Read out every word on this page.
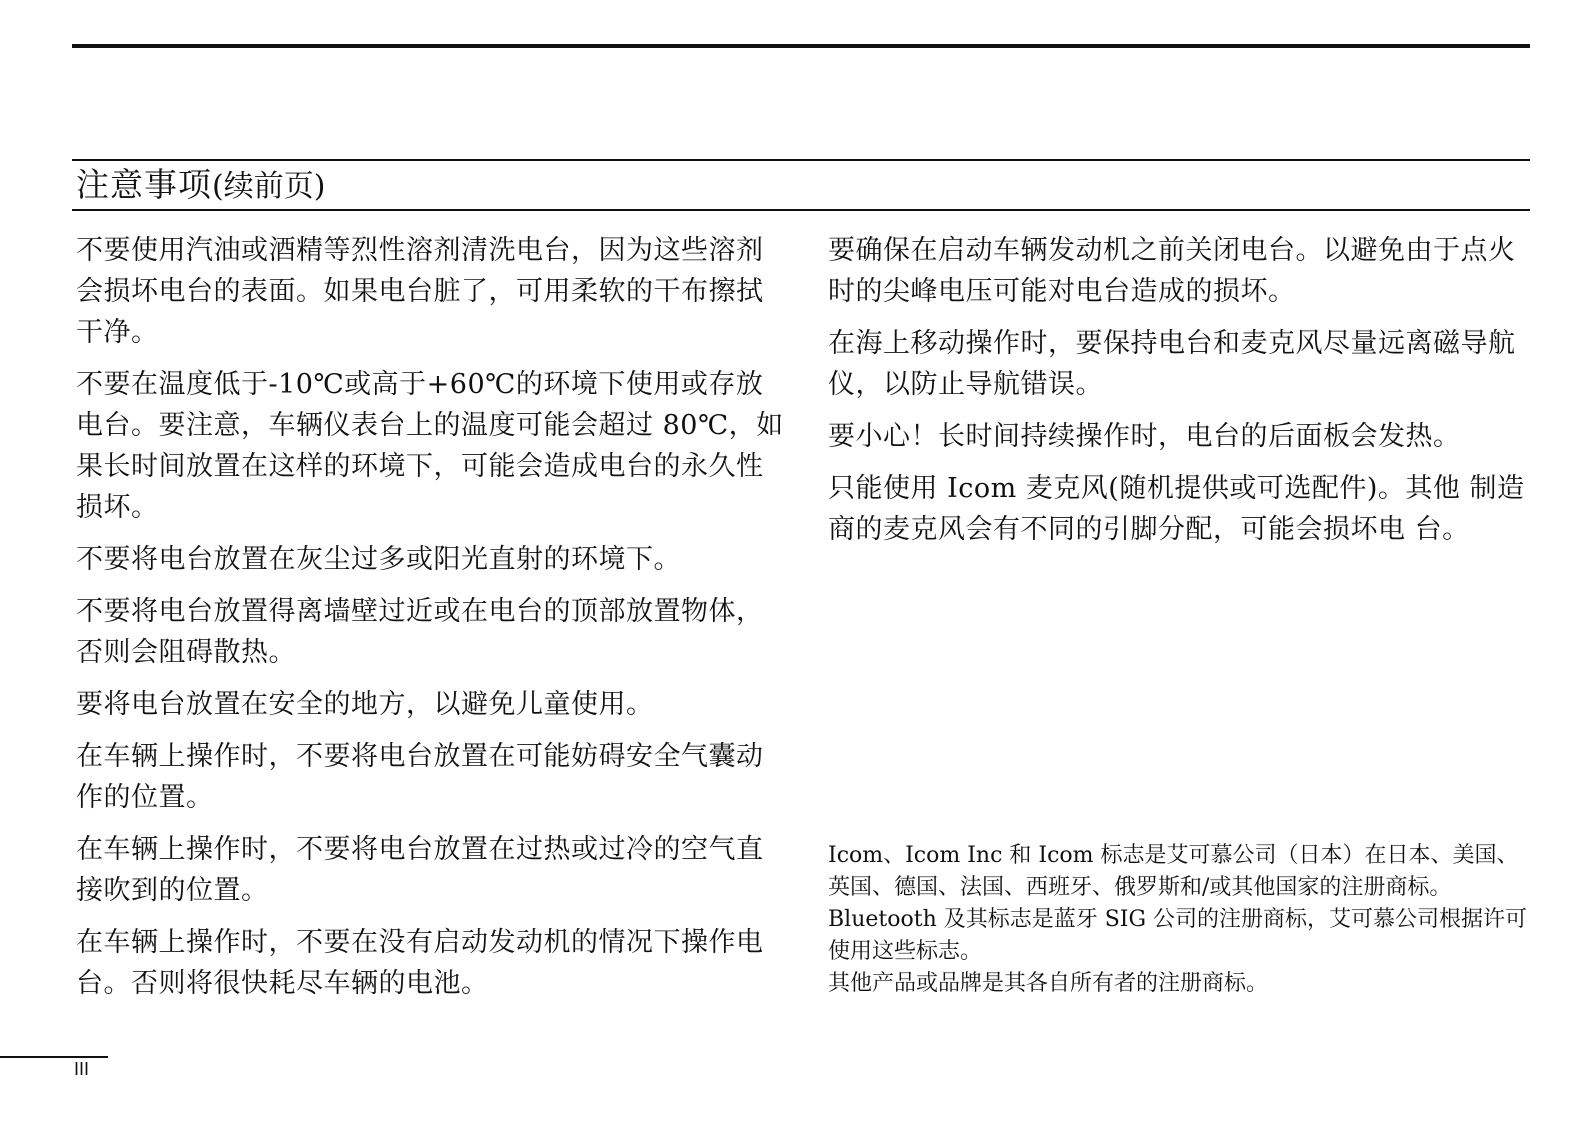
注意事项(续前页)

不要使用汽油或酒精等烈性溶剂清洗电台，因为这些溶剂会损坏电台的表面。如果电台脏了，可用柔软的干布擦拭干净。

不要在温度低于-10℃或高于+60℃的环境下使用或存放电台。要注意，车辆仪表台上的温度可能会超过 80℃，如果长时间放置在这样的环境下，可能会造成电台的永久性损坏。

不要将电台放置在灰尘过多或阳光直射的环境下。

不要将电台放置得离墙壁过近或在电台的顶部放置物体，否则会阻碍散热。

要将电台放置在安全的地方，以避免儿童使用。

在车辆上操作时，不要将电台放置在可能妨碍安全气囊动作的位置。

在车辆上操作时，不要将电台放置在过热或过冷的空气直接吹到的位置。

在车辆上操作时，不要在没有启动发动机的情况下操作电台。否则将很快耗尽车辆的电池。

要确保在启动车辆发动机之前关闭电台。以避免由于点火时的尖峰电压可能对电台造成的损坏。

在海上移动操作时，要保持电台和麦克风尽量远离磁导航仪，以防止导航错误。

要小心！长时间持续操作时，电台的后面板会发热。

只能使用 Icom 麦克风(随机提供或可选配件)。其他 制造商的麦克风会有不同的引脚分配，可能会损坏电 台。

Icom、Icom Inc 和 Icom 标志是艾可慕公司（日本）在日本、美国、英国、德国、法国、西班牙、俄罗斯和/或其他国家的注册商标。

Bluetooth 及其标志是蓝牙 SIG 公司的注册商标，艾可慕公司根据许可使用这些标志。

其他产品或品牌是其各自所有者的注册商标。

III
